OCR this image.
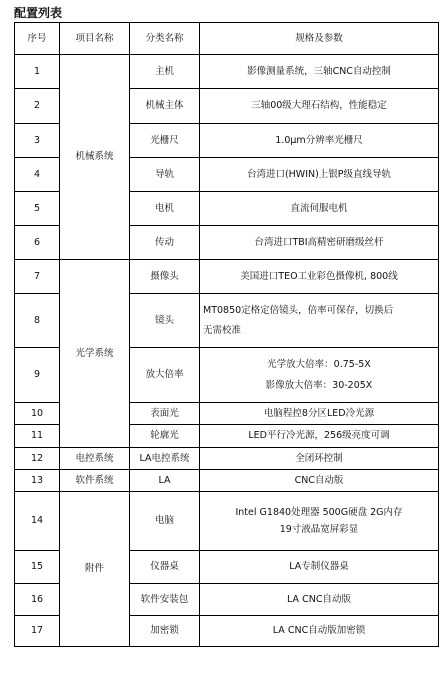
配置列表
序号	项目名称	分类名称	规格及参数
1	机械系统	主机	影像测量系统，三轴CNC自动控制
2		机械主体	三轴00级大理石结构，性能稳定
3		光栅尺	1.0μm分辨率光栅尺
4		导轨	台湾进口(HWIN)上银P级直线导轨
5		电机	直流伺服电机
6		传动	台湾进口TBI高精密研磨级丝杆
7	光学系统	摄像头	美国进口TEO工业彩色摄像机, 800线
8		镜头	MT0850定格定倍镜头，倍率可保存，切换后
无需校准

9		放大倍率	光学放大倍率：0.75-5X
影像放大倍率：30-205X

10		表面光	电脑程控8分区LED冷光源
11		轮廓光	LED平行冷光源，256级亮度可调
12	电控系统	LA电控系统	全闭环控制
13	软件系统	LA	CNC自动版
14	附件	电脑	Intel G1840处理器 500G硬盘 2G内存
19寸液晶宽屏彩显

15		仪器桌	LA专制仪器桌
16		软件安装包	LA CNC自动版
17		加密锁	LA CNC自动版加密锁
